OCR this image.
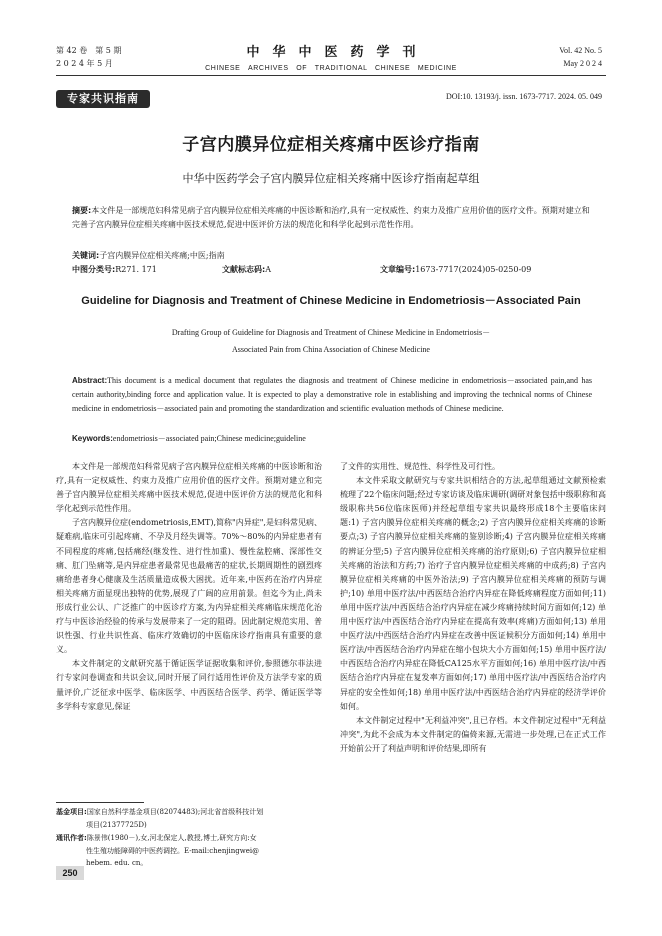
第 42 卷　第 5 期
2 0 2 4 年 5 月
中华中医药学刊
CHINESE　ARCHIVES　OF　TRADITIONAL　CHINESE　MEDICINE
Vol. 42 No. 5
May 2 0 2 4
专家共识指南	DOI:10. 13193/j. issn. 1673-7717. 2024. 05. 049
子宫内膜异位症相关疼痛中医诊疗指南
中华中医药学会子宫内膜异位症相关疼痛中医诊疗指南起草组
摘要:本文件是一部规范妇科常见病子宫内膜异位症相关疼痛的中医诊断和治疗,具有一定权威性、约束力及推广应用价值的医疗文件。预期对建立和完善子宫内膜异位症相关疼痛中医技术规范,促进中医评价方法的规范化和科学化起到示范性作用。
关键词:子宫内膜异位症相关疼痛;中医;指南
中图分类号:R271. 171	文献标志码:A	文章编号:1673-7717(2024)05-0250-09
Guideline for Diagnosis and Treatment of Chinese Medicine in Endometriosis－Associated Pain
Drafting Group of Guideline for Diagnosis and Treatment of Chinese Medicine in Endometriosis－
Associated Pain from China Association of Chinese Medicine
Abstract:This document is a medical document that regulates the diagnosis and treatment of Chinese medicine in endometriosis－associated pain,and has certain authority,binding force and application value. It is expected to play a demonstrative role in establishing and improving the technical norms of Chinese medicine in endometriosis－associated pain and promoting the standardization and scientific evaluation methods of Chinese medicine.
Keywords:endometriosis－associated pain;Chinese medicine;guideline

本文件是一部规范妇科常见病子宫内膜异位症相关疼痛的中医诊断和治疗,具有一定权威性、约束力及推广应用价值的医疗文件。预期对建立和完善子宫内膜异位症相关疼痛中医技术规范,促进中医评价方法的规范化和科学化起到示范性作用。

子宫内膜异位症(endometriosis,EMT),简称"内异症",是妇科常见病、疑难病,临床可引起疼痛、不孕及月经失调等。70%～80%的内异症患者有不同程度的疼痛,包括痛经(继发性、进行性加重)、慢性盆腔痛、深部性交痛、肛门坠痛等,是内异症患者最常见也最痛苦的症状,长期周期性的剧烈疼痛给患者身心健康及生活质量造成极大困扰。近年来,中医药在治疗内异症相关疼痛方面显现出独特的优势,展现了广阔的应用前景。但迄今为止,尚未形成行业公认、广泛推广的中医诊疗方案,为内异症相关疼痛临床规范化治疗与中医诊治经验的传承与发展带来了一定的阻碍。因此制定规范实用、普识性强、行业共识性高、临床疗效确切的中医临床诊疗指南具有重要的意义。

本文件制定的文献研究基于循证医学证据收集和评价,参照德尔菲法进行专家问卷调查和共识会议,同时开展了同行适用性评价及方法学专家的质量评价,广泛征求中医学、临床医学、中西医结合医学、药学、循证医学等多学科专家意见,保证

了文件的实用性、规范性、科学性及可行性。

本文件采取文献研究与专家共识相结合的方法,起草组通过文献预检索梳理了22个临床问题;经过专家访谈及临床调研(调研对象包括中级职称和高级职称共56位临床医师)并经起草组专家共识最终形成18个主要临床问题:1) 子宫内膜异位症相关疼痛的概念;2) 子宫内膜异位症相关疼痛的诊断要点;3) 子宫内膜异位症相关疼痛的鉴别诊断;4) 子宫内膜异位症相关疼痛的辨证分型;5) 子宫内膜异位症相关疼痛的治疗原则;6) 子宫内膜异位症相关疼痛的治法和方药;7) 治疗子宫内膜异位症相关疼痛的中成药;8) 子宫内膜异位症相关疼痛的中医外治法;9) 子宫内膜异位症相关疼痛的预防与调护;10) 单用中医疗法/中西医结合治疗内异症在降低疼痛程度方面如何;11) 单用中医疗法/中西医结合治疗内异症在减少疼痛持续时间方面如何;12) 单用中医疗法/中西医结合治疗内异症在提高有效率(疼痛)方面如何;13) 单用中医疗法/中西医结合治疗内异症在改善中医证候积分方面如何;14) 单用中医疗法/中西医结合治疗内异症在缩小包块大小方面如何;15) 单用中医疗法/中西医结合治疗内异症在降低CA125水平方面如何;16) 单用中医疗法/中西医结合治疗内异症在复发率方面如何;17) 单用中医疗法/中西医结合治疗内异症的安全性如何;18) 单用中医疗法/中西医结合治疗内异症的经济学评价如何。

本文件制定过程中"无利益冲突",且已存档。本文件制定过程中"无利益冲突",为此不会成为本文件制定的偏倚来源,无需进一步处理,已在正式工作开始前公开了利益声明和评价结果,即所有

基金项目:国家自然科学基金项目(82074483);河北省首级科技计划
项目(21377725D)
通讯作者:陈景伟(1980－),女,河北保定人,教授,博士,研究方向:女
性生殖功能障碍的中医药调控。E-mail:chenjingwei@
hebem. edu. cn。
250
